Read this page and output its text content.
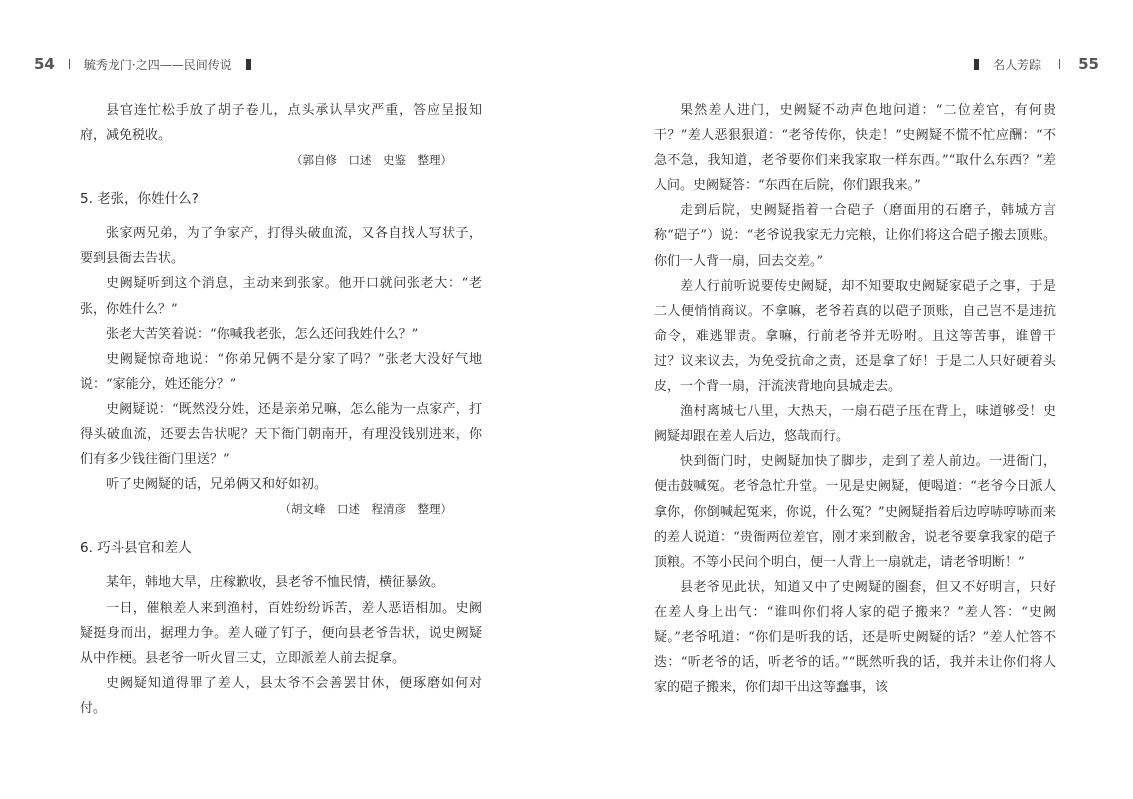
54 毓秀龙门·之四——民间传说

县官连忙松手放了胡子卷儿，点头承认旱灾严重，答应呈报知府，减免税收。

（郭自修　口述　史鉴　整理）
5. 老张，你姓什么?

张家两兄弟，为了争家产，打得头破血流，又各自找人写状子，要到县衙去告状。

史阙疑听到这个消息，主动来到张家。他开口就问张老大：“老张，你姓什么？”

张老大苦笑着说：“你喊我老张，怎么还问我姓什么？”

史阙疑惊奇地说：“你弟兄俩不是分家了吗？”张老大没好气地说：“家能分，姓还能分？”

史阙疑说：“既然没分姓，还是亲弟兄嘛，怎么能为一点家产，打得头破血流，还要去告状呢？天下衙门朝南开，有理没钱别进来，你们有多少钱往衙门里送？”

听了史阙疑的话，兄弟俩又和好如初。

（胡文峰　口述　程清彦　整理）
6. 巧斗县官和差人

某年，韩地大旱，庄稼歉收，县老爷不恤民情，横征暴敛。

一日，催粮差人来到渔村，百姓纷纷诉苦，差人恶语相加。史阙疑挺身而出，据理力争。差人碰了钉子，便向县老爷告状，说史阙疑从中作梗。县老爷一听火冒三丈，立即派差人前去捉拿。

史阙疑知道得罪了差人，县太爷不会善罢甘休，便琢磨如何对付。

名人芳踪 55

果然差人进门，史阙疑不动声色地问道：“二位差官，有何贵干？”差人恶狠狠道：“老爷传你，快走！”史阙疑不慌不忙应酬：“不急不急，我知道，老爷要你们来我家取一样东西。”“取什么东西？”差人问。史阙疑答：“东西在后院，你们跟我来。”

走到后院，史阙疑指着一合硙子（磨面用的石磨子，韩城方言称“硙子”）说：“老爷说我家无力完粮，让你们将这合硙子搬去顶账。你们一人背一扇，回去交差。”

差人行前听说要传史阙疑，却不知要取史阙疑家硙子之事，于是二人便悄悄商议。不拿嘛，老爷若真的以硙子顶账，自己岂不是违抗命令，难逃罪责。拿嘛，行前老爷并无吩咐。且这等苦事，谁曾干过？议来议去，为免受抗命之责，还是拿了好！于是二人只好硬着头皮，一个背一扇，汗流浃背地向县城走去。

渔村离城七八里，大热天，一扇石硙子压在背上，味道够受！史阙疑却跟在差人后边，悠哉而行。

快到衙门时，史阙疑加快了脚步，走到了差人前边。一进衙门，便击鼓喊冤。老爷急忙升堂。一见是史阙疑，便喝道：“老爷今日派人拿你，你倒喊起冤来，你说，什么冤？”史阙疑指着后边哼哧哼哧而来的差人说道：“贵衙两位差官，刚才来到敝舍，说老爷要拿我家的硙子顶粮。不等小民问个明白，便一人背上一扇就走，请老爷明断！”

县老爷见此状，知道又中了史阙疑的圈套，但又不好明言，只好在差人身上出气：“谁叫你们将人家的硙子搬来？”差人答：“史阙疑。”老爷吼道：“你们是听我的话，还是听史阙疑的话？”差人忙答不迭：“听老爷的话，听老爷的话。”“既然听我的话，我并未让你们将人家的硙子搬来，你们却干出这等蠢事，该
